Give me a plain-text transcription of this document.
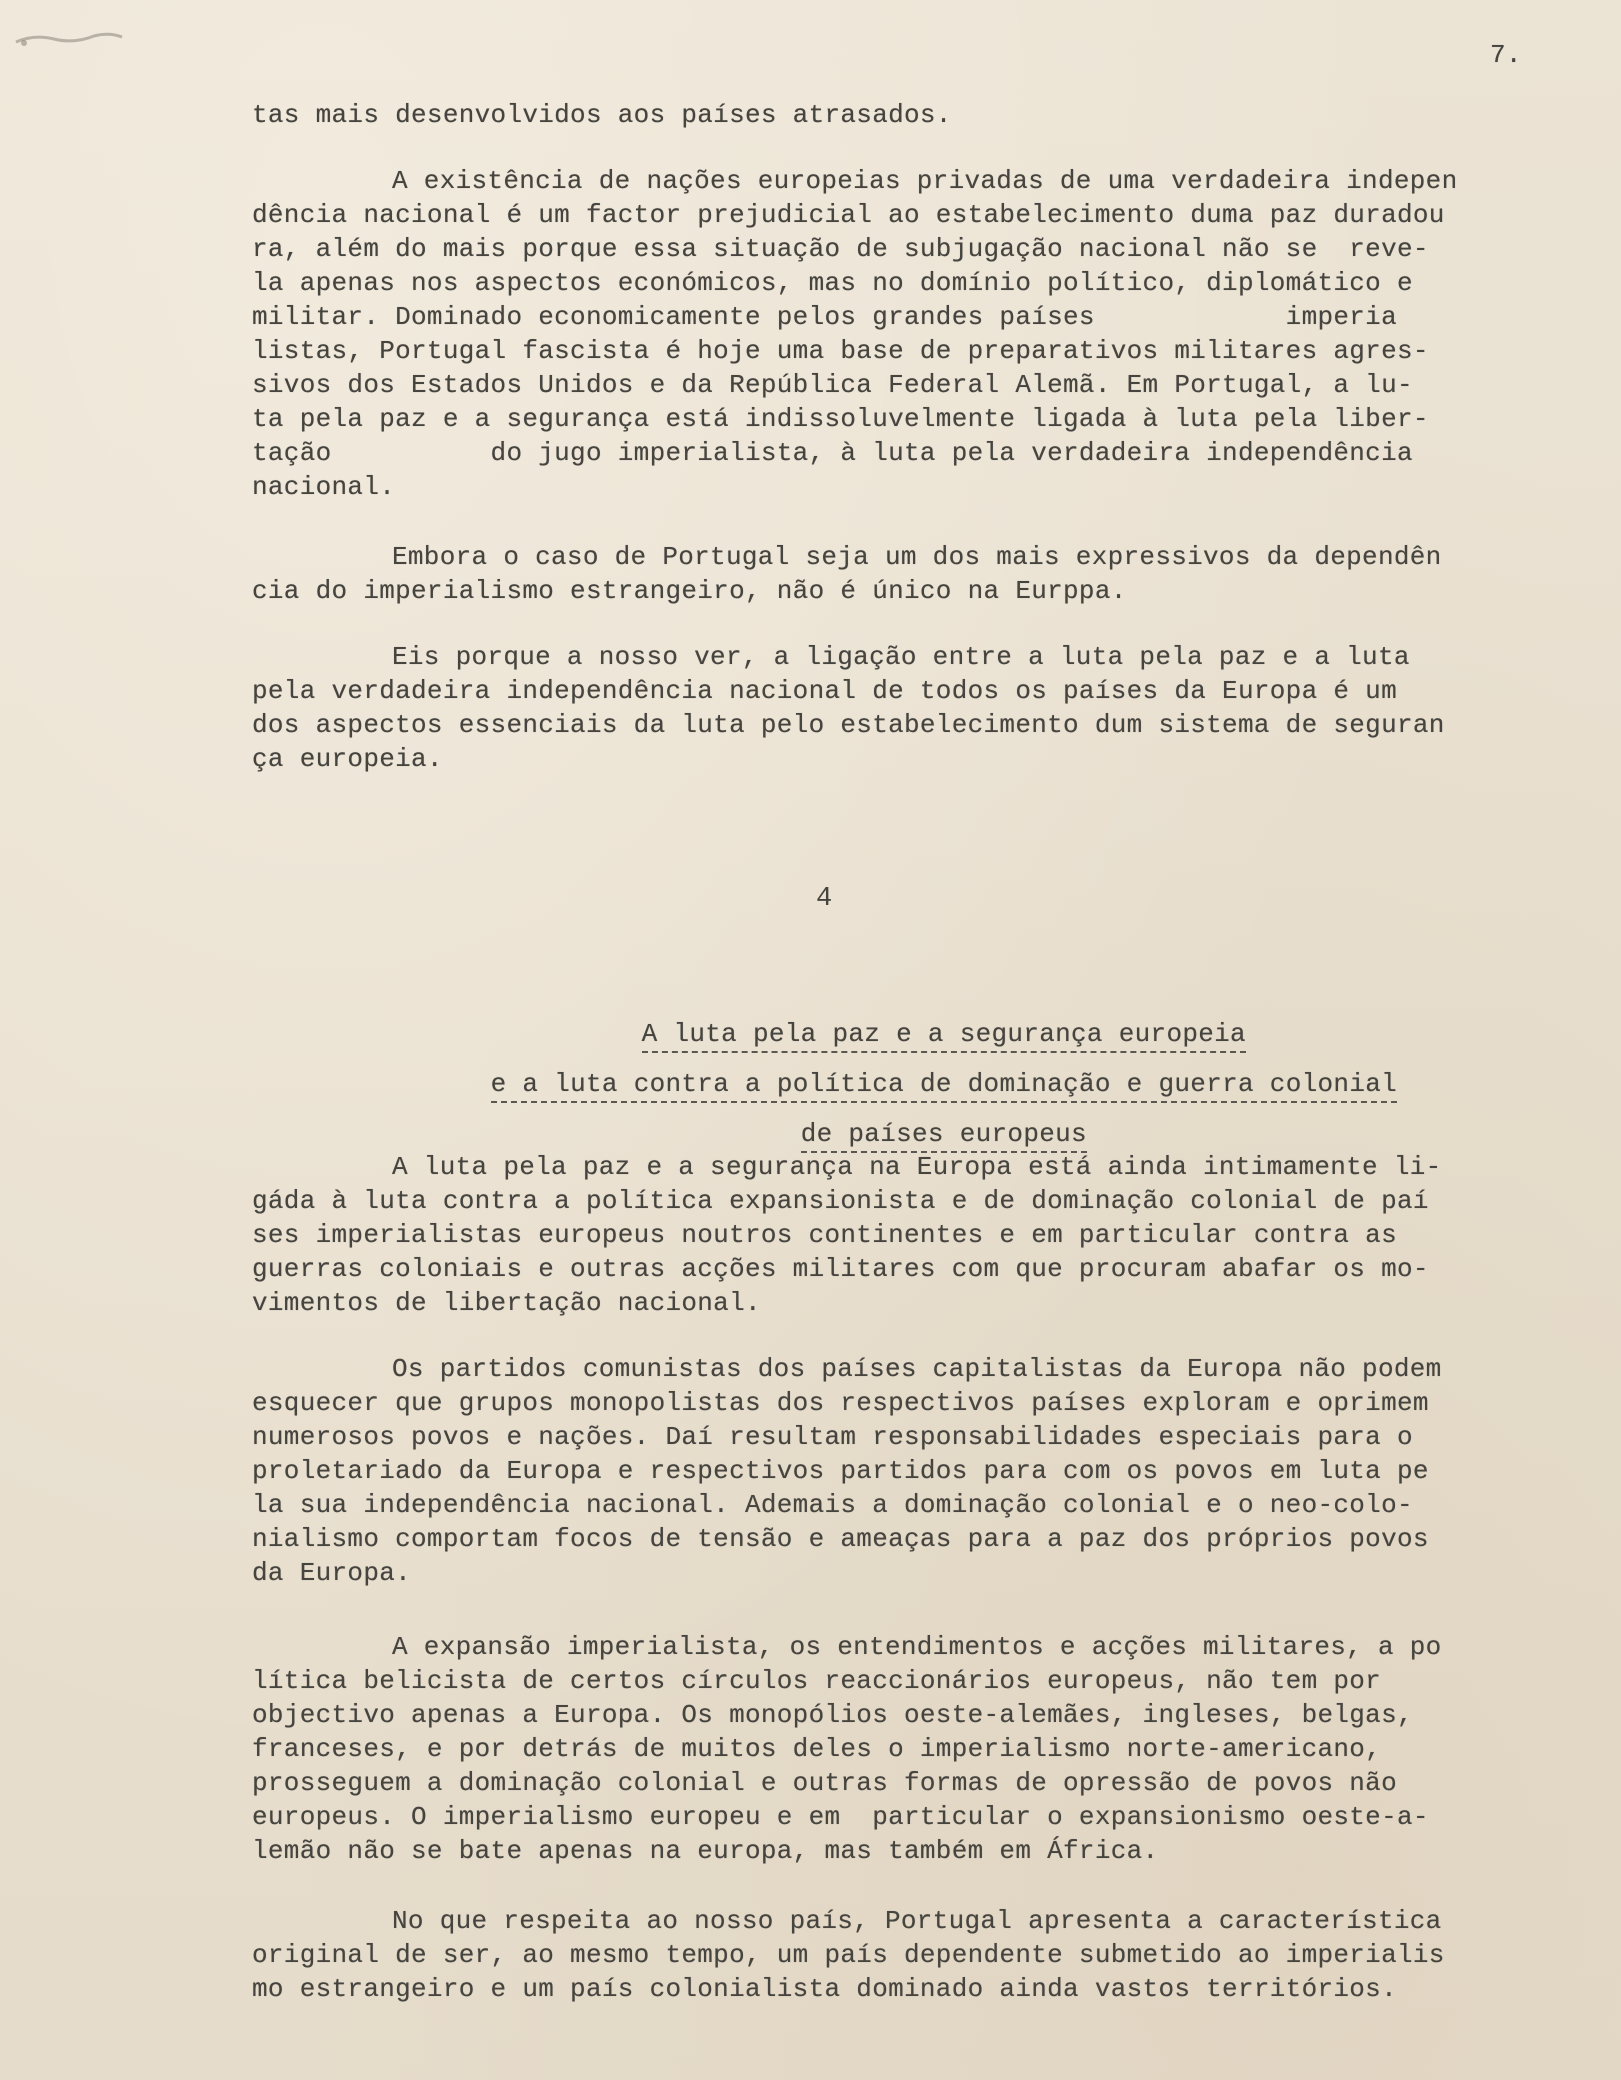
7.
tas mais desenvolvidos aos países atrasados.
A existência de nações europeias privadas de uma verdadeira indepen
dência nacional é um factor prejudicial ao estabelecimento duma paz duradou
ra, além do mais porque essa situação de subjugação nacional não se  reve-
la apenas nos aspectos económicos, mas no domínio político, diplomático e
militar. Dominado economicamente pelos grandes países            imperia
listas, Portugal fascista é hoje uma base de preparativos militares agres-
sivos dos Estados Unidos e da República Federal Alemã. Em Portugal, a lu-
ta pela paz e a segurança está indissoluvelmente ligada à luta pela liber-
tação          do jugo imperialista, à luta pela verdadeira independência
nacional.
Embora o caso de Portugal seja um dos mais expressivos da dependên
cia do imperialismo estrangeiro, não é único na Eurppa.
Eis porque a nosso ver, a ligação entre a luta pela paz e a luta
pela verdadeira independência nacional de todos os países da Europa é um
dos aspectos essenciais da luta pelo estabelecimento dum sistema de seguran
ça europeia.
4

A luta pela paz e a segurança europeia

e a luta contra a política de dominação e guerra colonial

de países europeus

A luta pela paz e a segurança na Europa está ainda intimamente li-
gáda à luta contra a política expansionista e de dominação colonial de paí
ses imperialistas europeus noutros continentes e em particular contra as
guerras coloniais e outras acções militares com que procuram abafar os mo-
vimentos de libertação nacional.
Os partidos comunistas dos países capitalistas da Europa não podem
esquecer que grupos monopolistas dos respectivos países exploram e oprimem
numerosos povos e nações. Daí resultam responsabilidades especiais para o
proletariado da Europa e respectivos partidos para com os povos em luta pe
la sua independência nacional. Ademais a dominação colonial e o neo-colo-
nialismo comportam focos de tensão e ameaças para a paz dos próprios povos
da Europa.
A expansão imperialista, os entendimentos e acções militares, a po
lítica belicista de certos círculos reaccionários europeus, não tem por
objectivo apenas a Europa. Os monopólios oeste-alemães, ingleses, belgas,
franceses, e por detrás de muitos deles o imperialismo norte-americano,
prosseguem a dominação colonial e outras formas de opressão de povos não
europeus. O imperialismo europeu e em  particular o expansionismo oeste-a-
lemão não se bate apenas na europa, mas também em África.
No que respeita ao nosso país, Portugal apresenta a característica
original de ser, ao mesmo tempo, um país dependente submetido ao imperialis
mo estrangeiro e um país colonialista dominado ainda vastos territórios.
